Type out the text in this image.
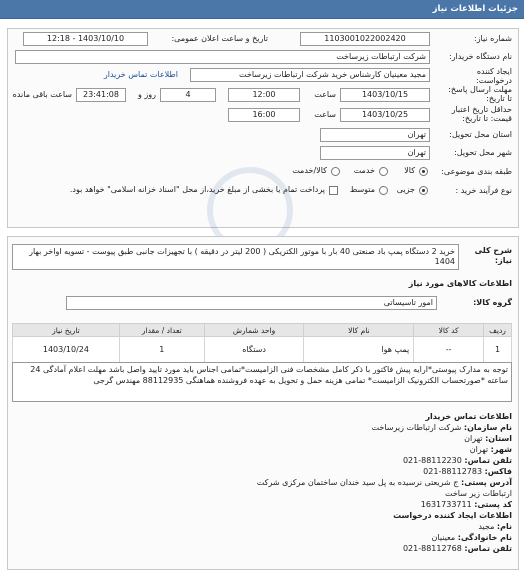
جزئیات اطلاعات نیاز
شماره نیاز:
1103001022002420
تاریخ و ساعت اعلان عمومی:
1403/10/10 - 12:18
نام دستگاه خریدار:
شرکت ارتباطات زیرساخت
ایجاد کننده
درخواست:
مجید معینیان کارشناس خرید شرکت ارتباطات زیرساخت
اطلاعات تماس خریدار
مهلت ارسال پاسخ:
تا تاریخ:
1403/10/15
ساعت
12:00
4
روز و
23:41:08
ساعت باقی مانده
حداقل تاریخ اعتبار
قیمت: تا تاریخ:
1403/10/25
ساعت
16:00
استان محل تحویل:
تهران
شهر محل تحویل:
تهران
طبقه بندی موضوعی:
کالا
خدمت
کالا/خدمت
نوع فرآیند خرید :
جزیی
متوسط
پرداخت تمام یا بخشی از مبلغ خرید،از محل "اسناد خزانه اسلامی" خواهد بود.
شرح کلی
نیاز:
خرید 2 دستگاه پمپ باد صنعتی 40 بار با موتور الکتریکی ( 200 لیتر در دقیقه ) با تجهیزات جانبی طبق پیوست - تسویه اواخر بهار 1404
اطلاعات کالاهای مورد نیاز
گروه کالا:
امور تاسیساتی
ردیف	کد کالا	نام کالا	واحد شمارش	تعداد / مقدار	تاریخ نیاز
1	--	پمپ هوا	دستگاه	1	1403/10/24
توجه به مدارک پیوستی*ارایه پیش فاکتور با ذکر کامل مشخصات فنی الزامیست*تمامی اجناس باید مورد تایید واصل باشد مهلت اعلام آمادگی 24 ساعته *صورتحساب الکترونیک الزامیست* تمامی هزینه حمل و تحویل به عهده فروشنده هماهنگی 88112935 مهندس گرجی
اطلاعات تماس خریدار
نام سازمان: شرکت ارتباطات زیرساخت
استان: تهران
شهر: تهران
تلفن تماس: 88112230-021
فاکس: 88112783-021
آدرس پستی: ج شریعتی نرسیده به پل سید خندان ساختمان مرکزی شرکت ارتباطات زیر ساخت
کد پستی: 1631733711
اطلاعات ایجاد کننده درخواست
نام: مجید
نام خانوادگی: معینیان
تلفن تماس: 88112768-021
